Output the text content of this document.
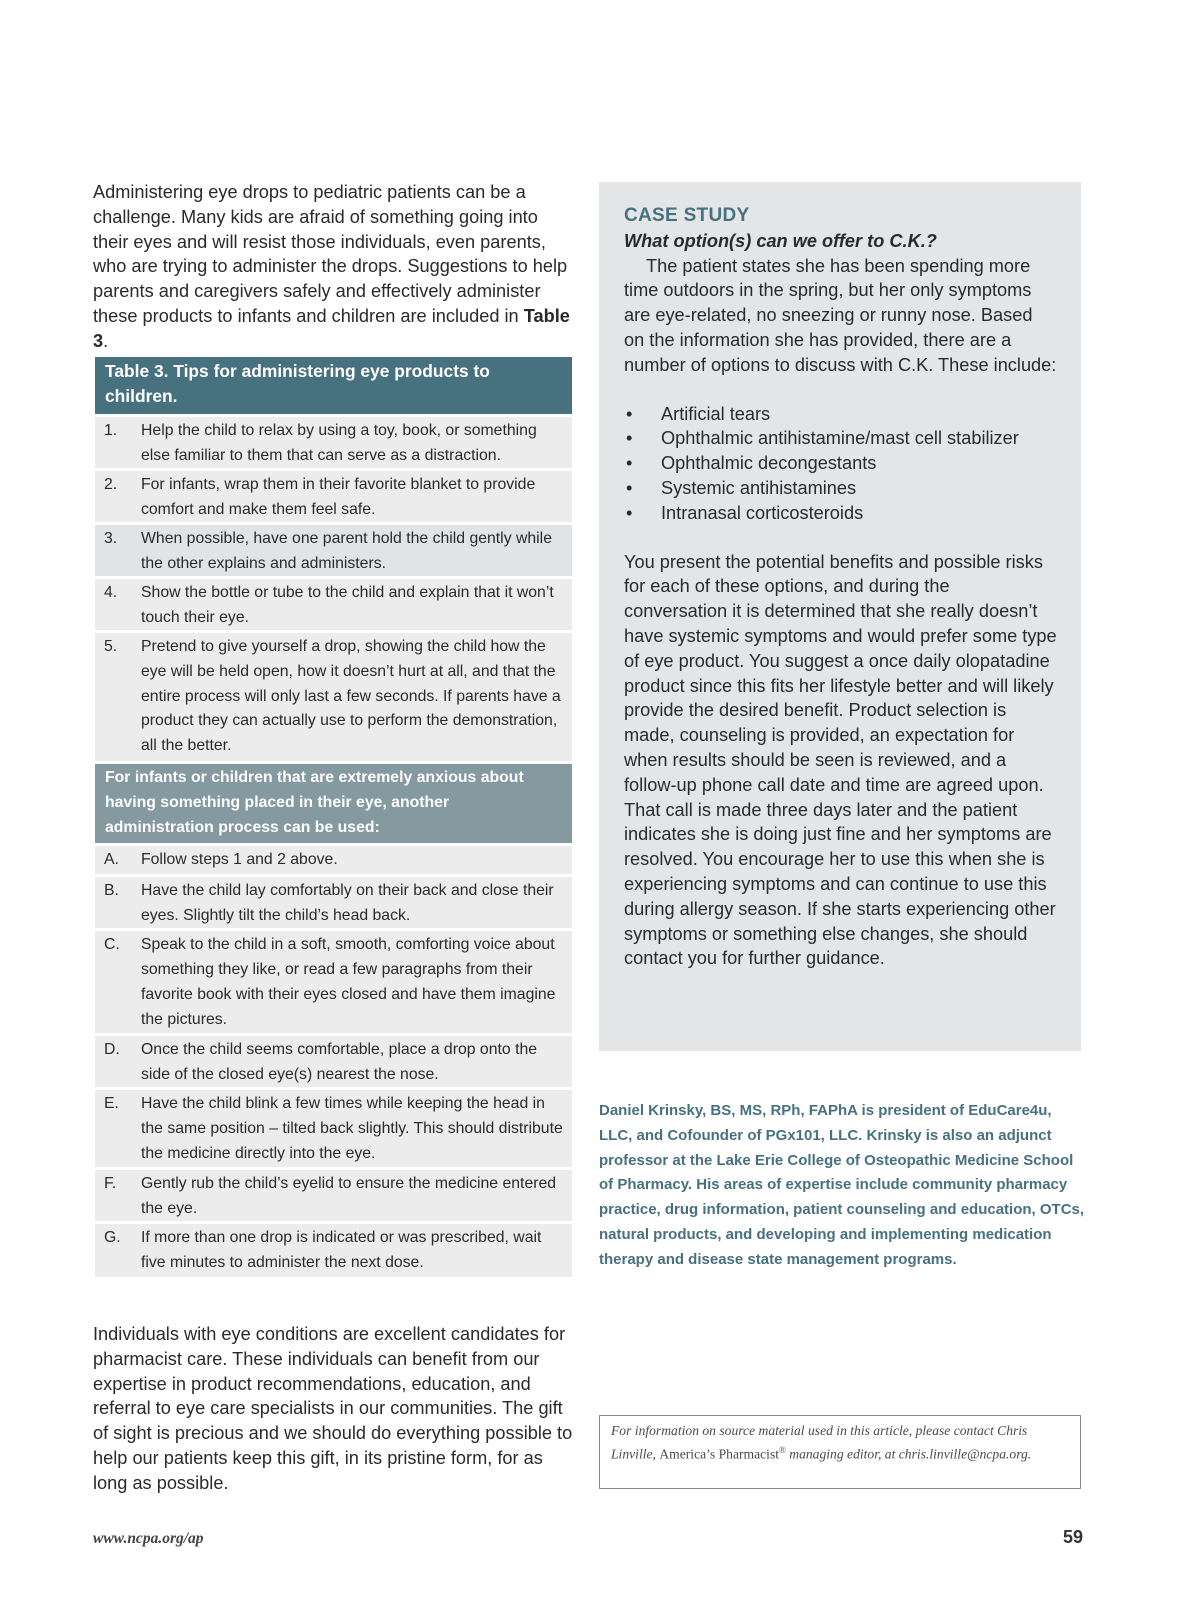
Administering eye drops to pediatric patients can be a challenge. Many kids are afraid of something going into their eyes and will resist those individuals, even parents, who are trying to administer the drops. Suggestions to help parents and caregivers safely and effectively administer these products to infants and children are included in Table 3.

Table 3. Tips for administering eye products to children.
1.	Help the child to relax by using a toy, book, or something else familiar to them that can serve as a distraction.
2.	For infants, wrap them in their favorite blanket to provide comfort and make them feel safe.
3.	When possible, have one parent hold the child gently while the other explains and administers.
4.	Show the bottle or tube to the child and explain that it won’t touch their eye.
5.	Pretend to give yourself a drop, showing the child how the eye will be held open, how it doesn’t hurt at all, and that the entire process will only last a few seconds. If parents have a product they can actually use to perform the demonstration, all the better.
For infants or children that are extremely anxious about having something placed in their eye, another administration process can be used:
A.	Follow steps 1 and 2 above.
B.	Have the child lay comfortably on their back and close their eyes. Slightly tilt the child’s head back.
C.	Speak to the child in a soft, smooth, comforting voice about something they like, or read a few paragraphs from their favorite book with their eyes closed and have them imagine the pictures.
D.	Once the child seems comfortable, place a drop onto the side of the closed eye(s) nearest the nose.
E.	Have the child blink a few times while keeping the head in the same position – tilted back slightly. This should distribute the medicine directly into the eye.
F.	Gently rub the child’s eyelid to ensure the medicine entered the eye.
G.	If more than one drop is indicated or was prescribed, wait five minutes to administer the next dose.

Individuals with eye conditions are excellent candidates for pharmacist care. These individuals can benefit from our expertise in product recommendations, education, and referral to eye care specialists in our communities. The gift of sight is precious and we should do everything possible to help our patients keep this gift, in its pristine form, for as long as possible.

CASE STUDY

What option(s) can we offer to C.K.?

The patient states she has been spending more time outdoors in the spring, but her only symptoms are eye-related, no sneezing or runny nose. Based on the information she has provided, there are a number of options to discuss with C.K. These include:

• Artificial tears
• Ophthalmic antihistamine/mast cell stabilizer
• Ophthalmic decongestants
• Systemic antihistamines
• Intranasal corticosteroids

You present the potential benefits and possible risks for each of these options, and during the conversation it is determined that she really doesn’t have systemic symptoms and would prefer some type of eye product. You suggest a once daily olopatadine product since this fits her lifestyle better and will likely provide the desired benefit. Product selection is made, counseling is provided, an expectation for when results should be seen is reviewed, and a follow-up phone call date and time are agreed upon. That call is made three days later and the patient indicates she is doing just fine and her symptoms are resolved. You encourage her to use this when she is experiencing symptoms and can continue to use this during allergy season. If she starts experiencing other symptoms or something else changes, she should contact you for further guidance.

Daniel Krinsky, BS, MS, RPh, FAPhA is president of EduCare4u, LLC, and Cofounder of PGx101, LLC. Krinsky is also an adjunct professor at the Lake Erie College of Osteopathic Medicine School of Pharmacy. His areas of expertise include community pharmacy practice, drug information, patient counseling and education, OTCs, natural products, and developing and implementing medication therapy and disease state management programs.

For information on source material used in this article, please contact Chris Linville, America’s Pharmacist® managing editor, at chris.linville@ncpa.org.
www.ncpa.org/ap	59
